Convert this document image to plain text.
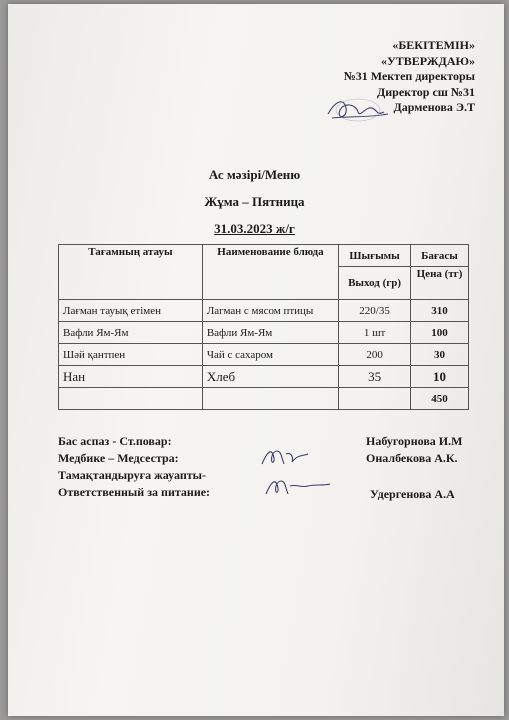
«БЕКІТЕМІН»
«УТВЕРЖДАЮ»
№31 Мектеп директоры
Директор сш №31
Дарменова Э.Т
Ас мәзірі/Меню
Жұма – Пятница
31.03.2023 ж/г
Тағамның атауы	Наименование блюда	Шығымы	Бағасы
		Выход (гр)	Цена (тг)
Лағман тауық етімен	Лагман с мясом птицы	220/35	310
Вафли Ям-Ям	Вафли Ям-Ям	1 шт	100
Шәй қантпен	Чай с сахаром	200	30
Нан	Хлеб	35	10
			450
Бас аспаз - Ст.повар:	Набугорнова И.М
Медбике – Медсестра:	Оналбекова А.К.
Тамақтандыруға жауапты-
Ответственный за питание:	Удергенова А.А
